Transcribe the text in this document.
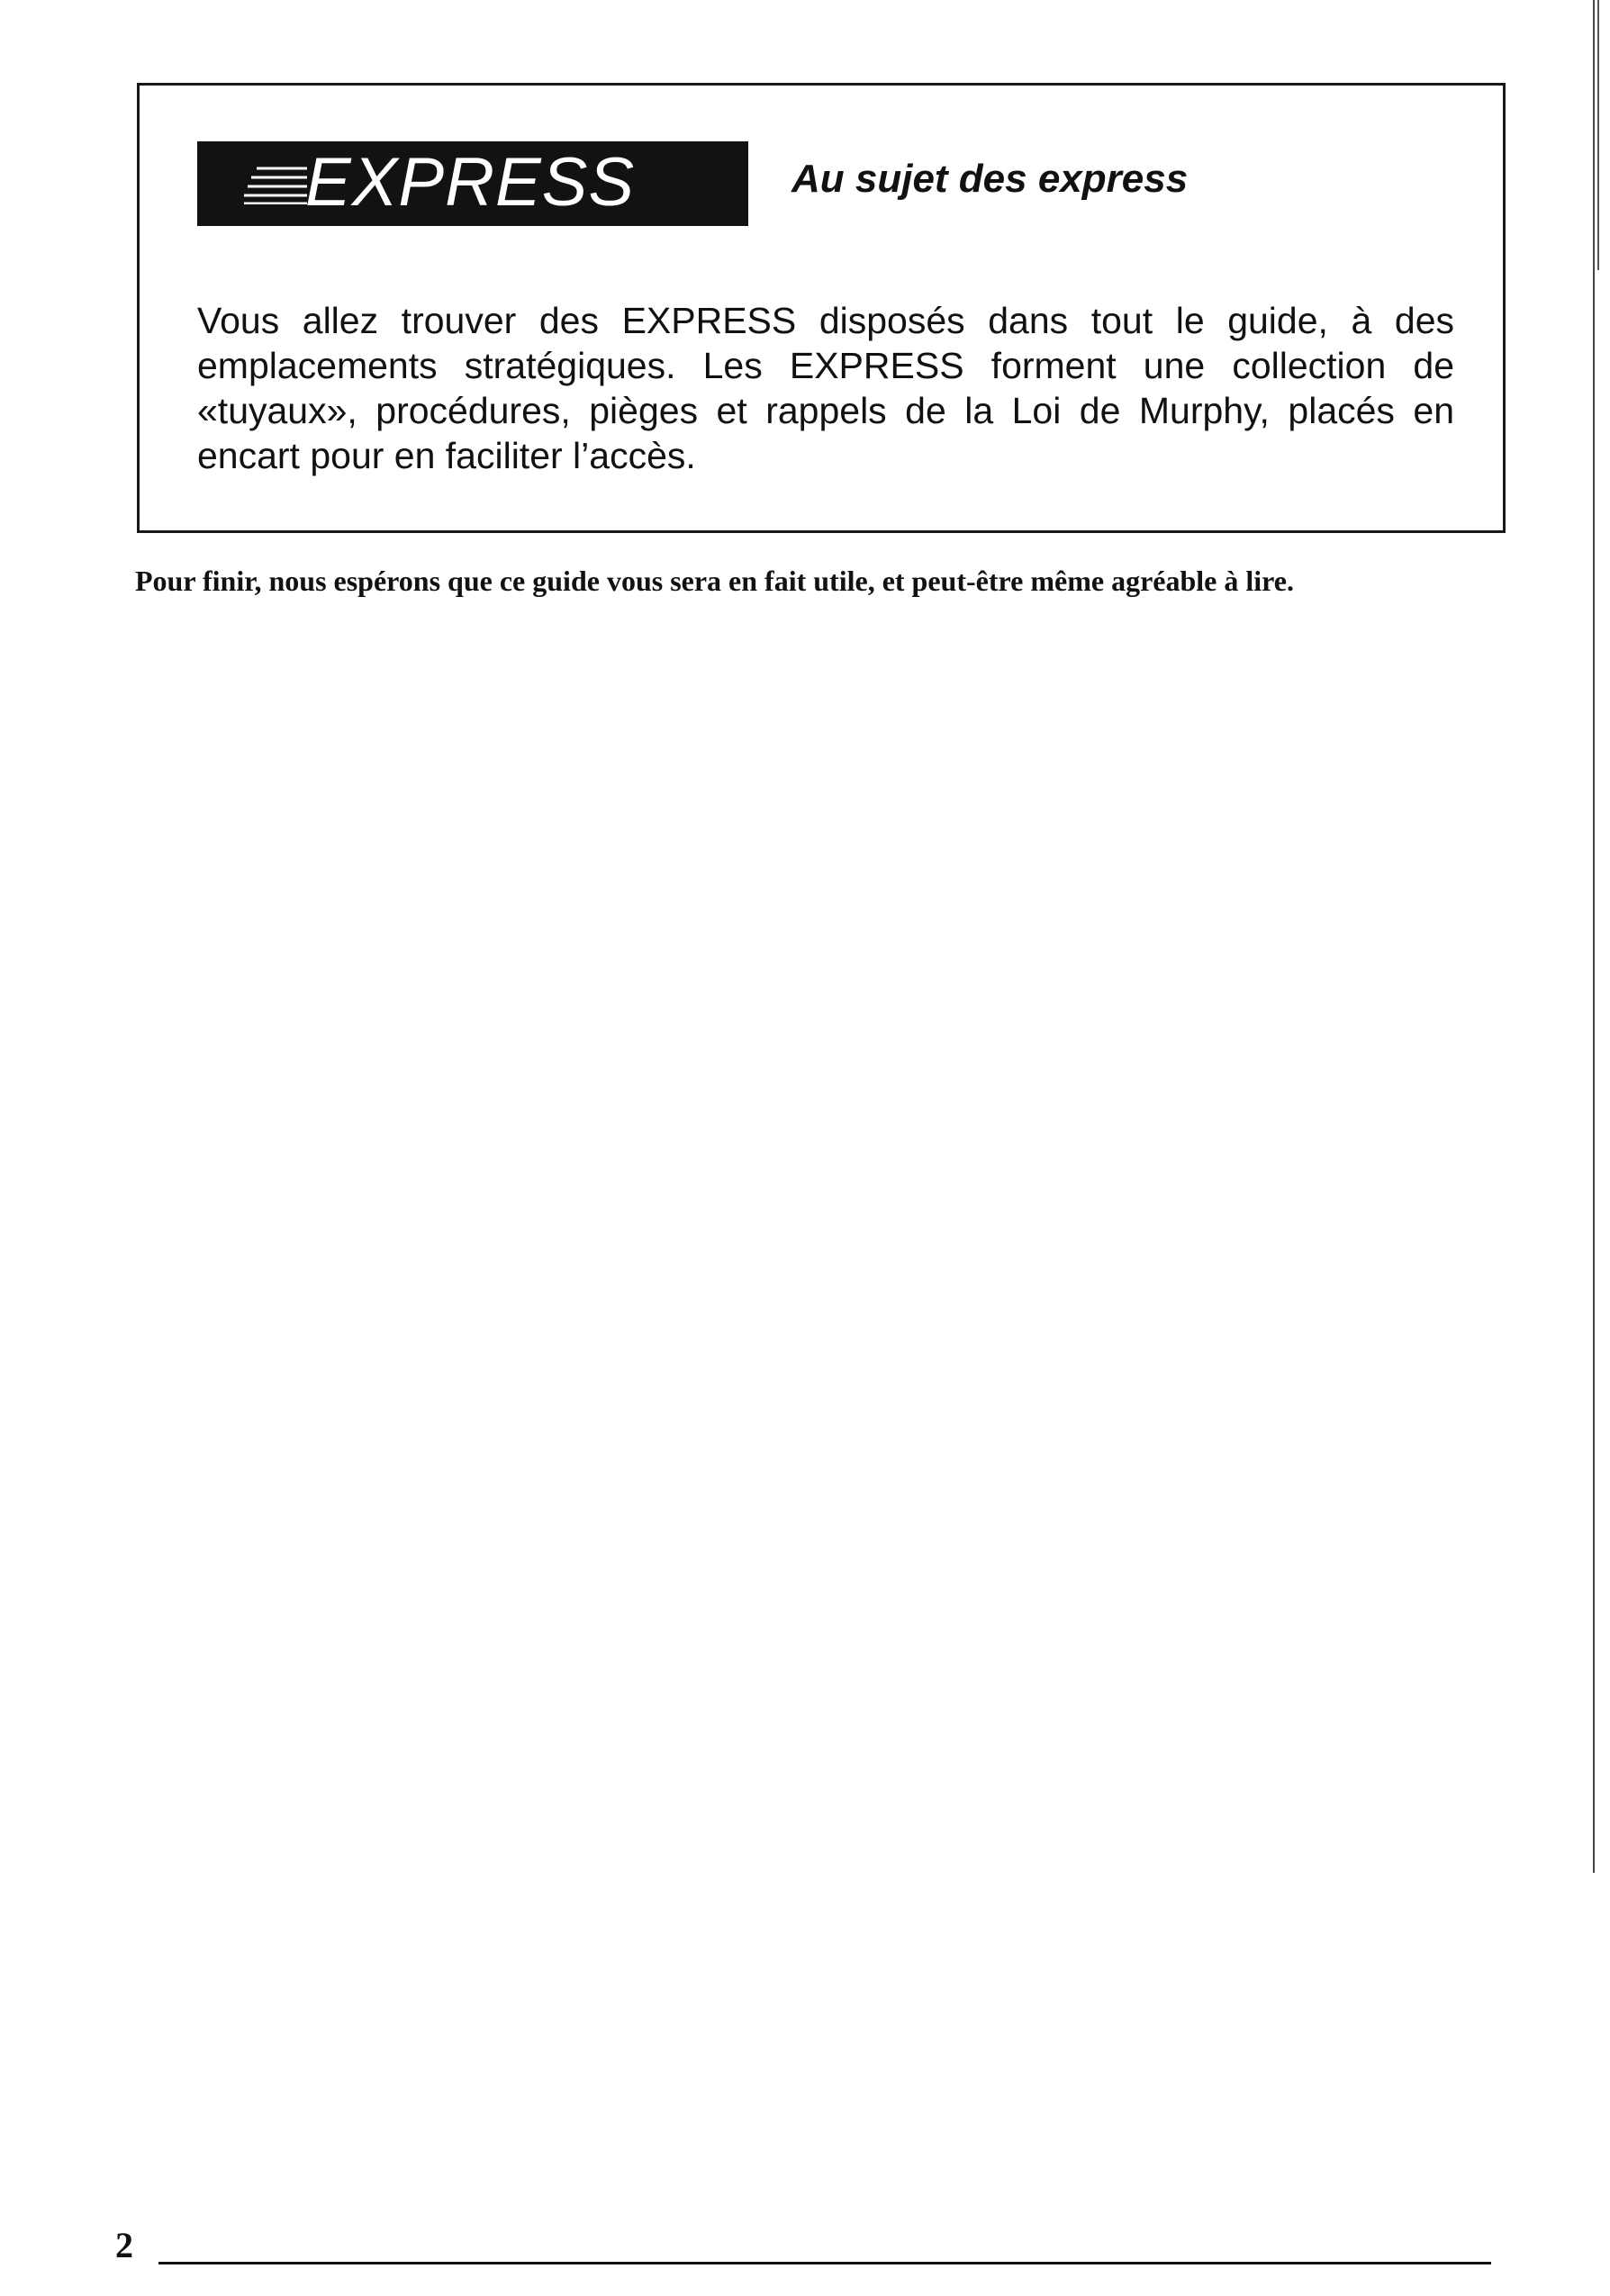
EXPRESS	Au sujet des express

Vous allez trouver des EXPRESS disposés dans tout le guide, à des emplacements stratégiques. Les EXPRESS forment une collection de «tuyaux», procédures, pièges et rappels de la Loi de Murphy, placés en encart pour en faciliter l’accès.

Pour finir, nous espérons que ce guide vous sera en fait utile, et peut-être même agréable à lire.

2
